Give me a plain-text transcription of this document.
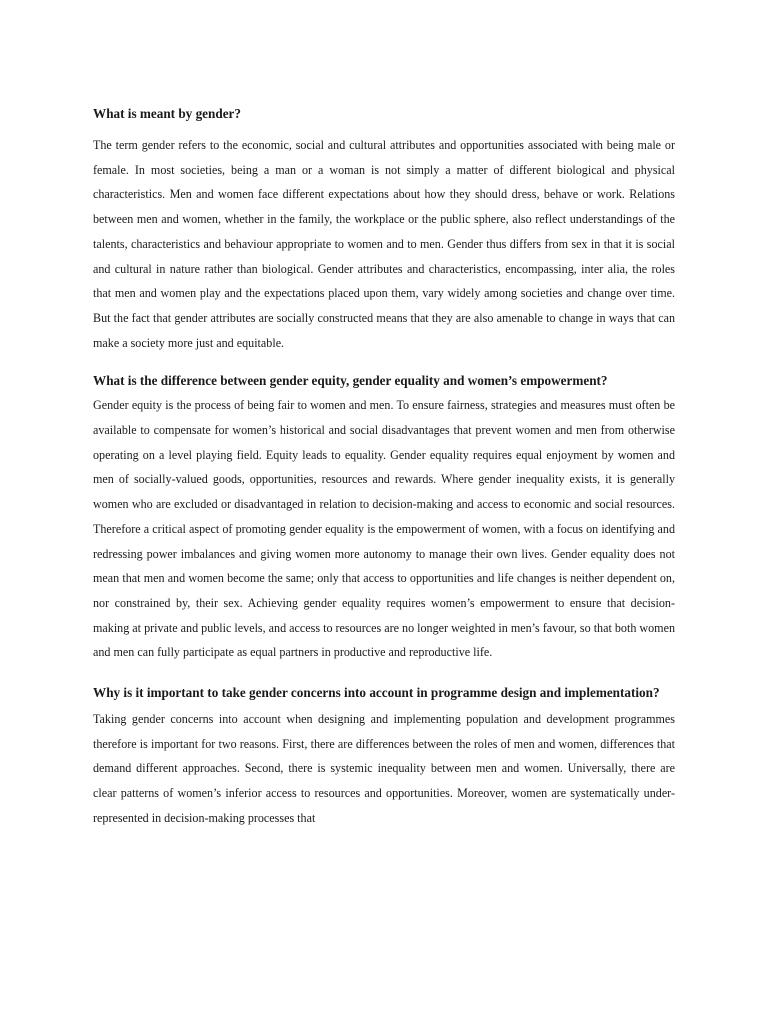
What is meant by gender?

The term gender refers to the economic, social and cultural attributes and opportunities associated with being male or female. In most societies, being a man or a woman is not simply a matter of different biological and physical characteristics. Men and women face different expectations about how they should dress, behave or work. Relations between men and women, whether in the family, the workplace or the public sphere, also reflect understandings of the talents, characteristics and behaviour appropriate to women and to men. Gender thus differs from sex in that it is social and cultural in nature rather than biological. Gender attributes and characteristics, encompassing, inter alia, the roles that men and women play and the expectations placed upon them, vary widely among societies and change over time. But the fact that gender attributes are socially constructed means that they are also amenable to change in ways that can make a society more just and equitable.

What is the difference between gender equity, gender equality and women’s empowerment?

Gender equity is the process of being fair to women and men. To ensure fairness, strategies and measures must often be available to compensate for women’s historical and social disadvantages that prevent women and men from otherwise operating on a level playing field. Equity leads to equality. Gender equality requires equal enjoyment by women and men of socially-valued goods, opportunities, resources and rewards. Where gender inequality exists, it is generally women who are excluded or disadvantaged in relation to decision-making and access to economic and social resources. Therefore a critical aspect of promoting gender equality is the empowerment of women, with a focus on identifying and redressing power imbalances and giving women more autonomy to manage their own lives. Gender equality does not mean that men and women become the same; only that access to opportunities and life changes is neither dependent on, nor constrained by, their sex. Achieving gender equality requires women’s empowerment to ensure that decision-making at private and public levels, and access to resources are no longer weighted in men’s favour, so that both women and men can fully participate as equal partners in productive and reproductive life.

Why is it important to take gender concerns into account in programme design and implementation?

Taking gender concerns into account when designing and implementing population and development programmes therefore is important for two reasons. First, there are differences between the roles of men and women, differences that demand different approaches. Second, there is systemic inequality between men and women. Universally, there are clear patterns of women’s inferior access to resources and opportunities. Moreover, women are systematically under-represented in decision-making processes that
